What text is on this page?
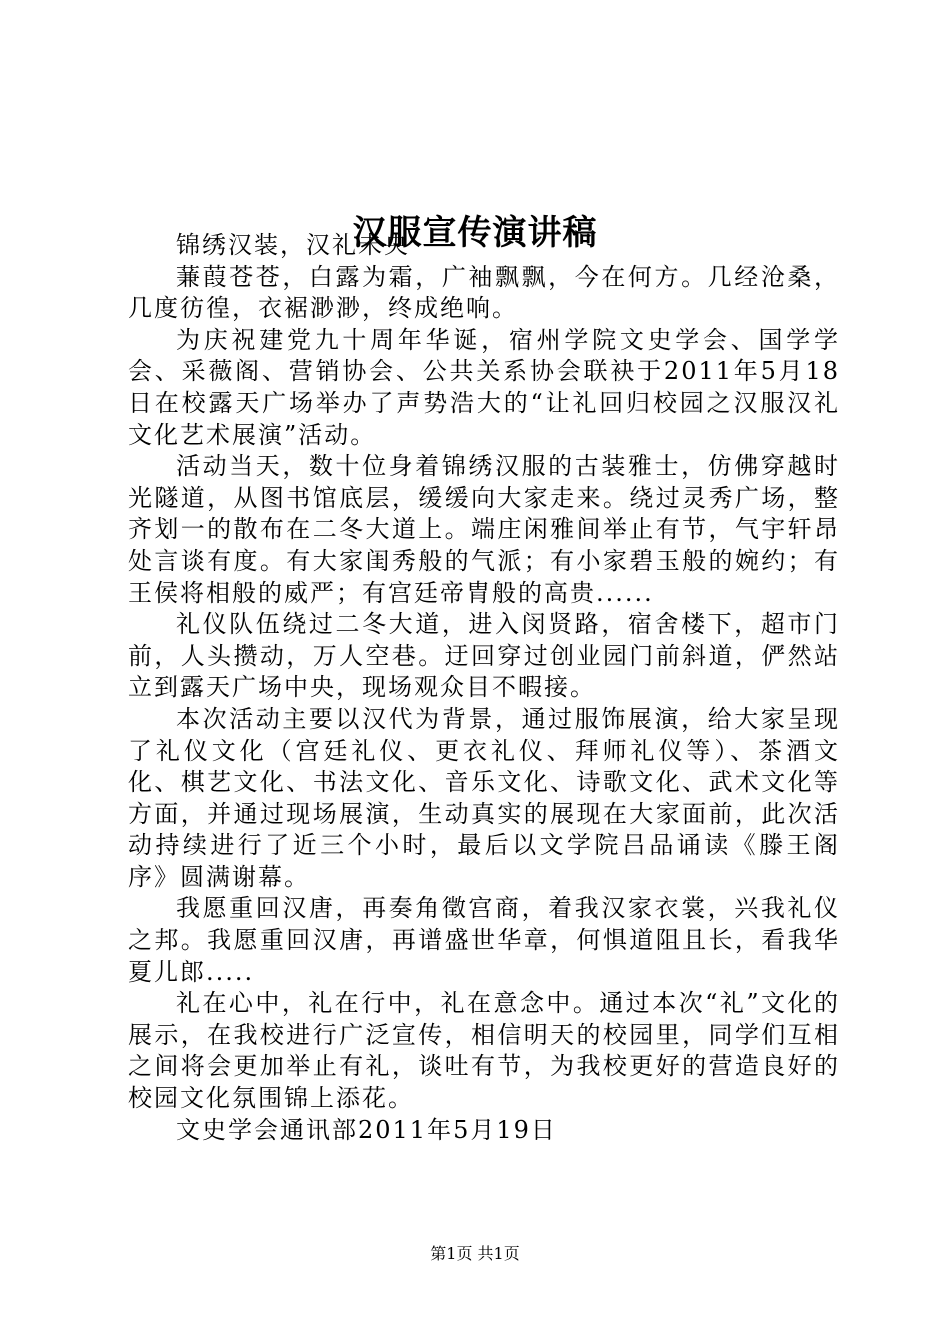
汉服宣传演讲稿

锦绣汉装，汉礼未央

蒹葭苍苍，白露为霜，广袖飘飘，今在何方。几经沧桑，几度彷徨，衣裾渺渺，终成绝响。

为庆祝建党九十周年华诞，宿州学院文史学会、国学学会、采薇阁、营销协会、公共关系协会联袂于2011年5月18日在校露天广场举办了声势浩大的“让礼回归校园之汉服汉礼文化艺术展演”活动。

活动当天，数十位身着锦绣汉服的古装雅士，仿佛穿越时光隧道，从图书馆底层，缓缓向大家走来。绕过灵秀广场，整齐划一的散布在二冬大道上。端庄闲雅间举止有节，气宇轩昂处言谈有度。有大家闺秀般的气派；有小家碧玉般的婉约；有王侯将相般的威严；有宫廷帝胄般的高贵......

礼仪队伍绕过二冬大道，进入闵贤路，宿舍楼下，超市门前，人头攒动，万人空巷。迂回穿过创业园门前斜道，俨然站立到露天广场中央，现场观众目不暇接。

本次活动主要以汉代为背景，通过服饰展演，给大家呈现了礼仪文化（宫廷礼仪、更衣礼仪、拜师礼仪等）、茶酒文化、棋艺文化、书法文化、音乐文化、诗歌文化、武术文化等方面，并通过现场展演，生动真实的展现在大家面前，此次活动持续进行了近三个小时，最后以文学院吕品诵读《滕王阁序》圆满谢幕。

我愿重回汉唐，再奏角徵宫商，着我汉家衣裳，兴我礼仪之邦。我愿重回汉唐，再谱盛世华章，何惧道阻且长，看我华夏儿郎.....

礼在心中，礼在行中，礼在意念中。通过本次“礼”文化的展示，在我校进行广泛宣传，相信明天的校园里，同学们互相之间将会更加举止有礼，谈吐有节，为我校更好的营造良好的校园文化氛围锦上添花。

文史学会通讯部2011年5月19日

第1页 共1页
